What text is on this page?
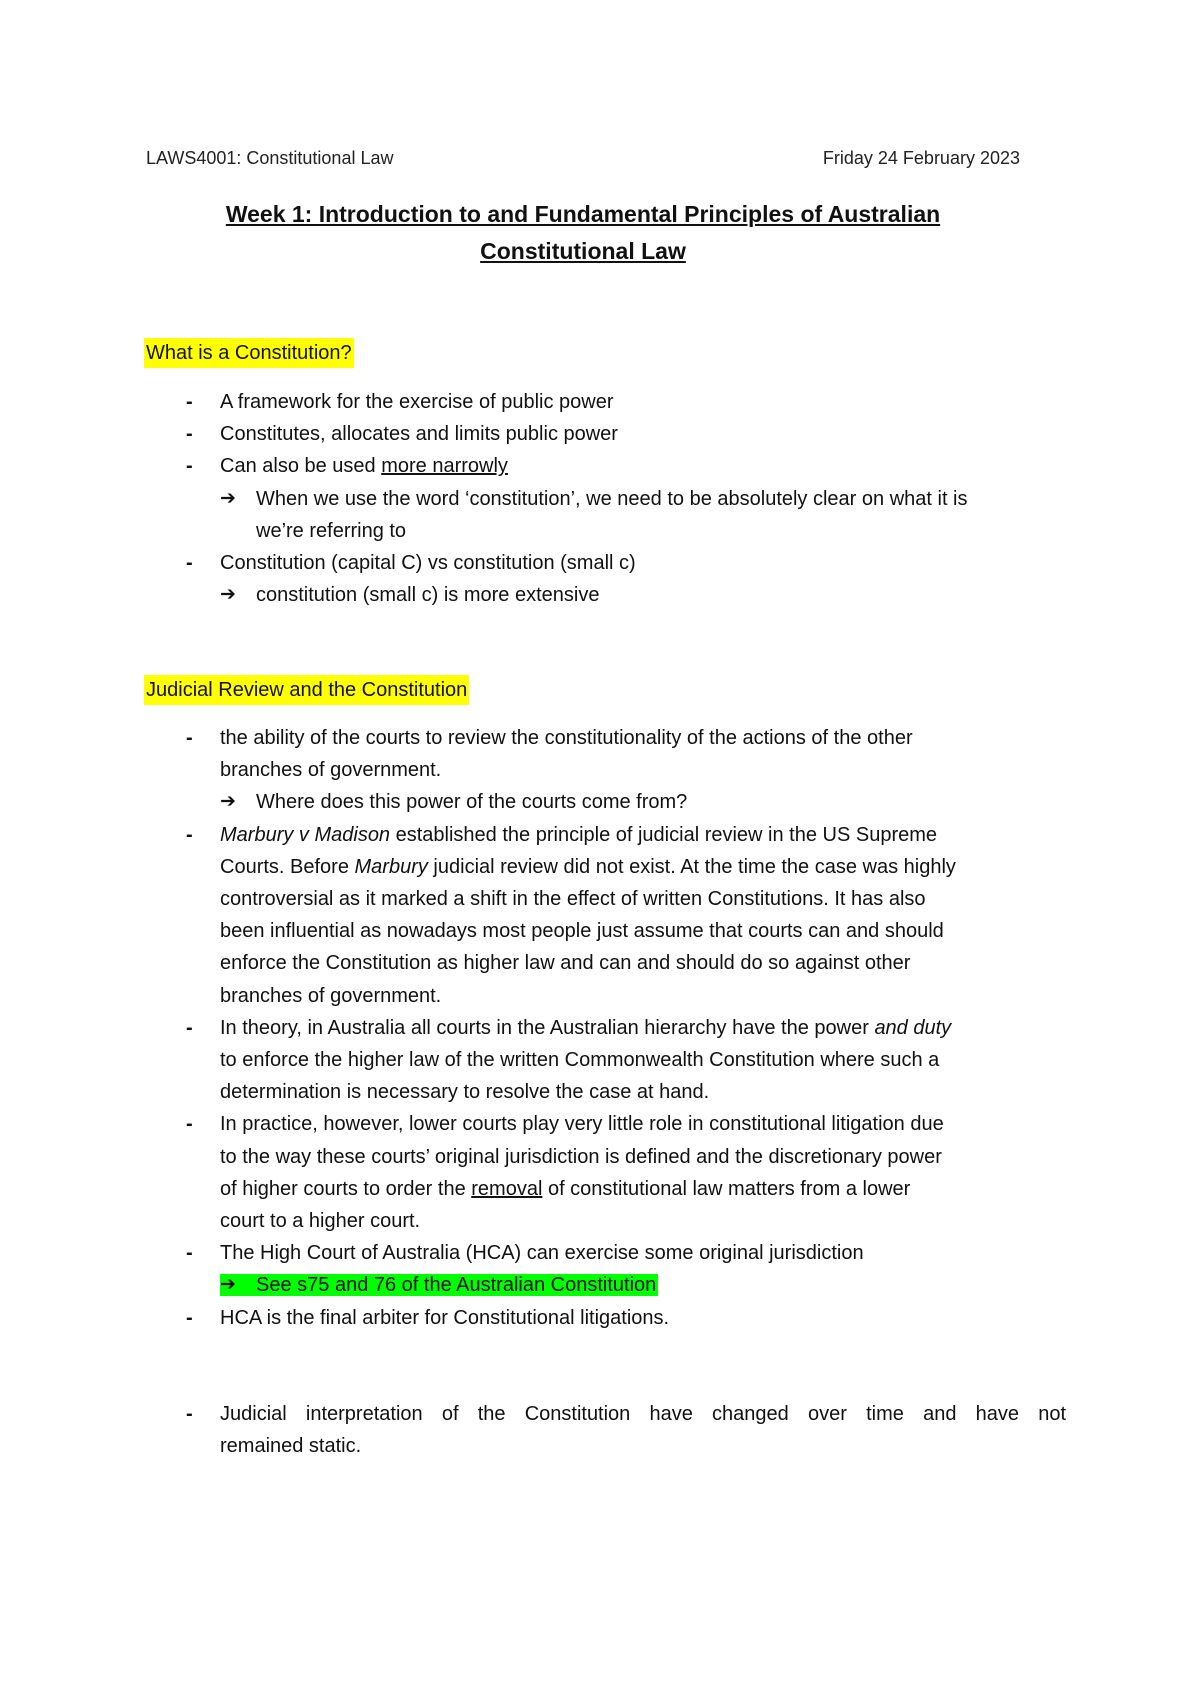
LAWS4001: Constitutional Law	Friday 24 February 2023
Week 1: Introduction to and Fundamental Principles of Australian
Constitutional Law
What is a Constitution?
- A framework for the exercise of public power
- Constitutes, allocates and limits public power
- Can also be used more narrowly
➔ When we use the word ‘constitution’, we need to be absolutely clear on what it is
we’re referring to
- Constitution (capital C) vs constitution (small c)
➔ constitution (small c) is more extensive
Judicial Review and the Constitution
- the ability of the courts to review the constitutionality of the actions of the other
branches of government.
➔ Where does this power of the courts come from?
- Marbury v Madison established the principle of judicial review in the US Supreme
Courts. Before Marbury judicial review did not exist. At the time the case was highly
controversial as it marked a shift in the effect of written Constitutions. It has also
been influential as nowadays most people just assume that courts can and should
enforce the Constitution as higher law and can and should do so against other
branches of government.
- In theory, in Australia all courts in the Australian hierarchy have the power and duty
to enforce the higher law of the written Commonwealth Constitution where such a
determination is necessary to resolve the case at hand.
- In practice, however, lower courts play very little role in constitutional litigation due
to the way these courts’ original jurisdiction is defined and the discretionary power
of higher courts to order the removal of constitutional law matters from a lower
court to a higher court.
- The High Court of Australia (HCA) can exercise some original jurisdiction
➔ See s75 and 76 of the Australian Constitution
- HCA is the final arbiter for Constitutional litigations.
- Judicial interpretation of the Constitution have changed over time and have not
remained static.
